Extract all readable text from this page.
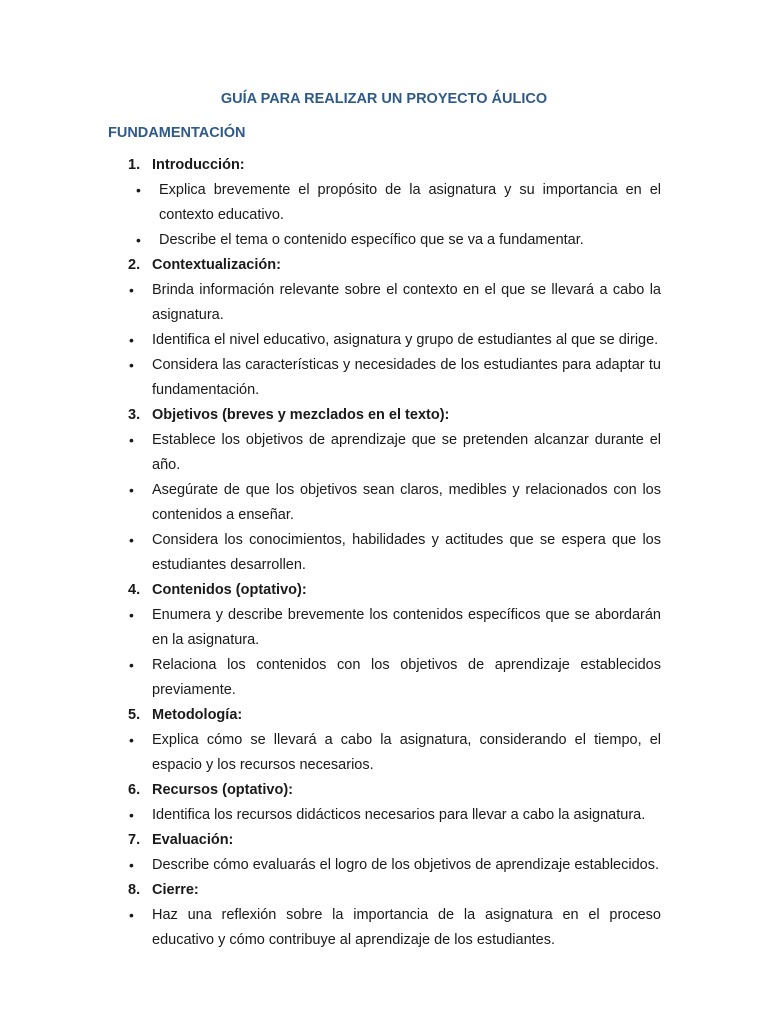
GUÍA PARA REALIZAR UN PROYECTO ÁULICO
FUNDAMENTACIÓN
1. Introducción:
• Explica brevemente el propósito de la asignatura y su importancia en el contexto educativo.
• Describe el tema o contenido específico que se va a fundamentar.
2. Contextualización:
• Brinda información relevante sobre el contexto en el que se llevará a cabo la asignatura.
• Identifica el nivel educativo, asignatura y grupo de estudiantes al que se dirige.
• Considera las características y necesidades de los estudiantes para adaptar tu fundamentación.
3. Objetivos (breves y mezclados en el texto):
• Establece los objetivos de aprendizaje que se pretenden alcanzar durante el año.
• Asegúrate de que los objetivos sean claros, medibles y relacionados con los contenidos a enseñar.
• Considera los conocimientos, habilidades y actitudes que se espera que los estudiantes desarrollen.
4. Contenidos (optativo):
• Enumera y describe brevemente los contenidos específicos que se abordarán en la asignatura.
• Relaciona los contenidos con los objetivos de aprendizaje establecidos previamente.
5. Metodología:
• Explica cómo se llevará a cabo la asignatura, considerando el tiempo, el espacio y los recursos necesarios.
6. Recursos (optativo):
• Identifica los recursos didácticos necesarios para llevar a cabo la asignatura.
7. Evaluación:
• Describe cómo evaluarás el logro de los objetivos de aprendizaje establecidos.
8. Cierre:
• Haz una reflexión sobre la importancia de la asignatura en el proceso educativo y cómo contribuye al aprendizaje de los estudiantes.
